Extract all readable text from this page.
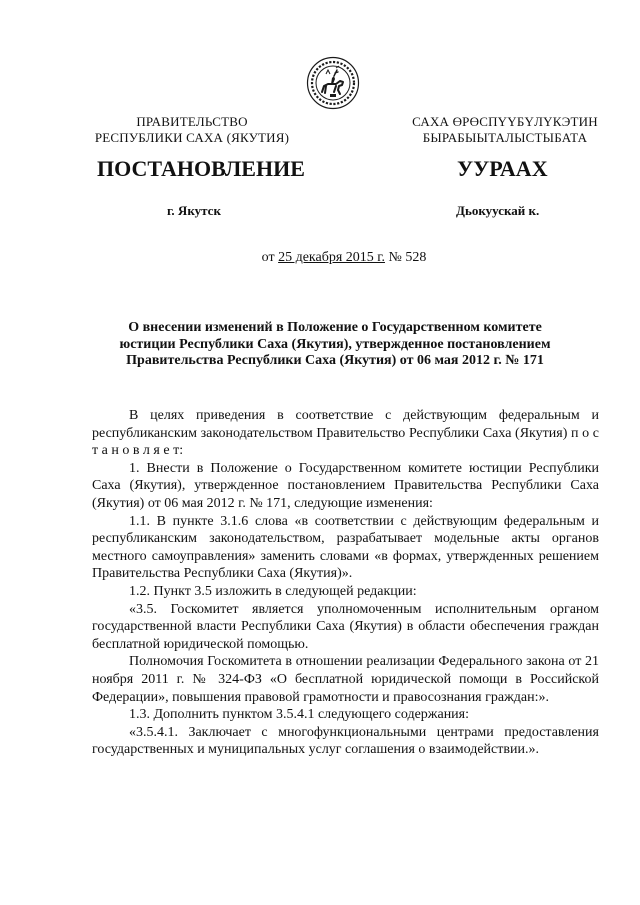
ПРАВИТЕЛЬСТВО
РЕСПУБЛИКИ САХА (ЯКУТИЯ)
САХА ӨРӨСПҮҮБҮЛҮКЭТИН
БЫРАБЫЫТАЛЫСТЫБАТА
ПОСТАНОВЛЕНИЕ	УУРААХ
г. Якутск	Дьокуускай к.
от 25 декабря 2015 г. № 528
О внесении изменений в Положение о Государственном комитете
юстиции Республики Саха (Якутия), утвержденное постановлением
Правительства Республики Саха (Якутия) от 06 мая 2012 г. № 171

В целях приведения в соответствие с действующим федеральным и республиканским законодательством Правительство Республики Саха (Якутия) п о с т а н о в л я е т:

1. Внести в Положение о Государственном комитете юстиции Республики Саха (Якутия), утвержденное постановлением Правительства Республики Саха (Якутия) от 06 мая 2012 г. № 171, следующие изменения:

1.1. В пункте 3.1.6 слова «в соответствии с действующим федеральным и республиканским законодательством, разрабатывает модельные акты органов местного самоуправления» заменить словами «в формах, утвержденных решением Правительства Республики Саха (Якутия)».

1.2. Пункт 3.5 изложить в следующей редакции:

«3.5. Госкомитет является уполномоченным исполнительным органом государственной власти Республики Саха (Якутия) в области обеспечения граждан бесплатной юридической помощью.

Полномочия Госкомитета в отношении реализации Федерального закона от 21 ноября 2011 г. № 324-ФЗ «О бесплатной юридической помощи в Российской Федерации», повышения правовой грамотности и правосознания граждан:».

1.3. Дополнить пунктом 3.5.4.1 следующего содержания:

«3.5.4.1. Заключает с многофункциональными центрами предоставления государственных и муниципальных услуг соглашения о взаимодействии.».
